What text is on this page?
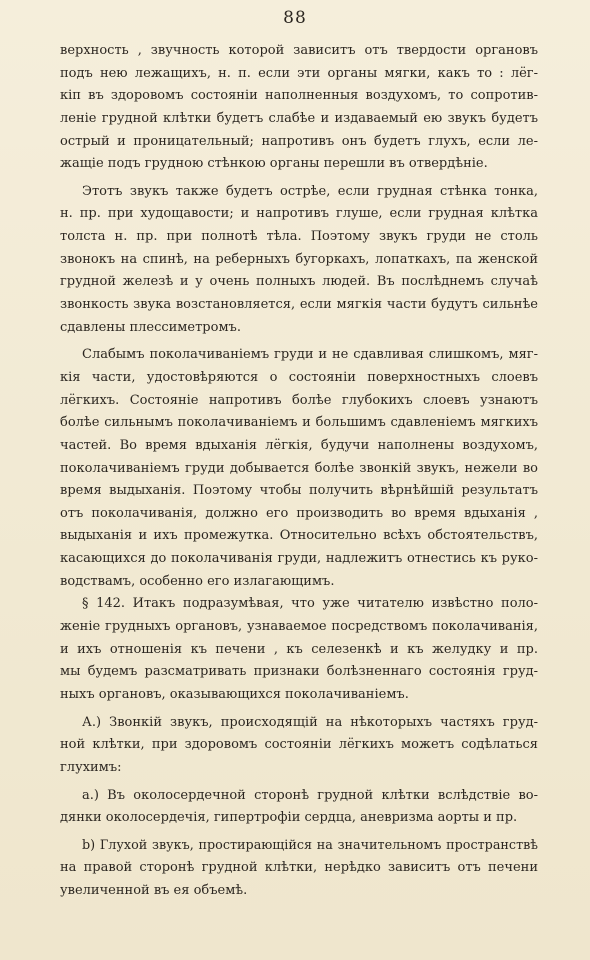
88
верхность , звучность которой зависитъ отъ твердости органовъ
подъ нею лежащихъ, н. п. если эти органы мягки, какъ то : лёг-
кіп въ здоровомъ состояніи наполненныя воздухомъ, то сопротив-
леніе грудной клѣтки будетъ слабѣе и издаваемый ею звукъ будетъ
острый и проницательный; напротивъ онъ будетъ глухъ, если ле-
жащіе подъ грудною стѣнкою органы перешли въ отвердѣніе.
Этотъ звукъ также будетъ острѣе, если грудная стѣнка тонка,
н. пр. при худощавости; и напротивъ глуше, если грудная клѣтка
толста н. пр. при полнотѣ тѣла. Поэтому звукъ груди не столь
звонокъ на спинѣ, на реберныхъ бугоркахъ, лопаткахъ, па женской
грудной железѣ и у очень полныхъ людей. Въ послѣднемъ случаѣ
звонкость звука возстановляется, если мягкія части будутъ сильнѣе
сдавлены плессиметромъ.
Слабымъ поколачиваніемъ груди и не сдавливая слишкомъ, мяг-
кія части, удостовѣряются о состояніи поверхностныхъ слоевъ
лёгкихъ. Состояніе напротивъ болѣе глубокихъ слоевъ узнаютъ
болѣе сильнымъ поколачиваніемъ и большимъ сдавленіемъ мягкихъ
частей. Во время вдыханія лёгкія, будучи наполнены воздухомъ,
поколачиваніемъ груди добывается болѣе звонкій звукъ, нежели во
время выдыханія. Поэтому чтобы получить вѣрнѣйшій результатъ
отъ поколачиванія, должно его производить во время вдыханія ,
выдыханія и ихъ промежутка. Относительно всѣхъ обстоятельствъ,
касающихся до поколачиванія груди, надлежитъ отнестись къ руко-
водствамъ, особенно его излагающимъ.
§ 142. Итакъ подразумѣвая, что уже читателю извѣстно поло-
женіе грудныхъ органовъ, узнаваемое посредствомъ поколачиванія,
и ихъ отношенія къ печени , къ селезенкѣ и къ желудку и пр.
мы будемъ разсматривать признаки болѣзненнаго состоянія груд-
ныхъ органовъ, оказывающихся поколачиваніемъ.
А.) Звонкій звукъ, происходящій на нѣкоторыхъ частяхъ груд-
ной клѣтки, при здоровомъ состояніи лёгкихъ можетъ содѣлаться
глухимъ:
a.) Въ околосердечной сторонѣ грудной клѣтки вслѣдствіе во-
дянки околосердечія, гипертрофіи сердца, аневризма аорты и пр.
b) Глухой звукъ, простирающійся на значительномъ пространствѣ
на правой сторонѣ грудной клѣтки, нерѣдко зависитъ отъ печени
увеличенной въ ея объемѣ.
